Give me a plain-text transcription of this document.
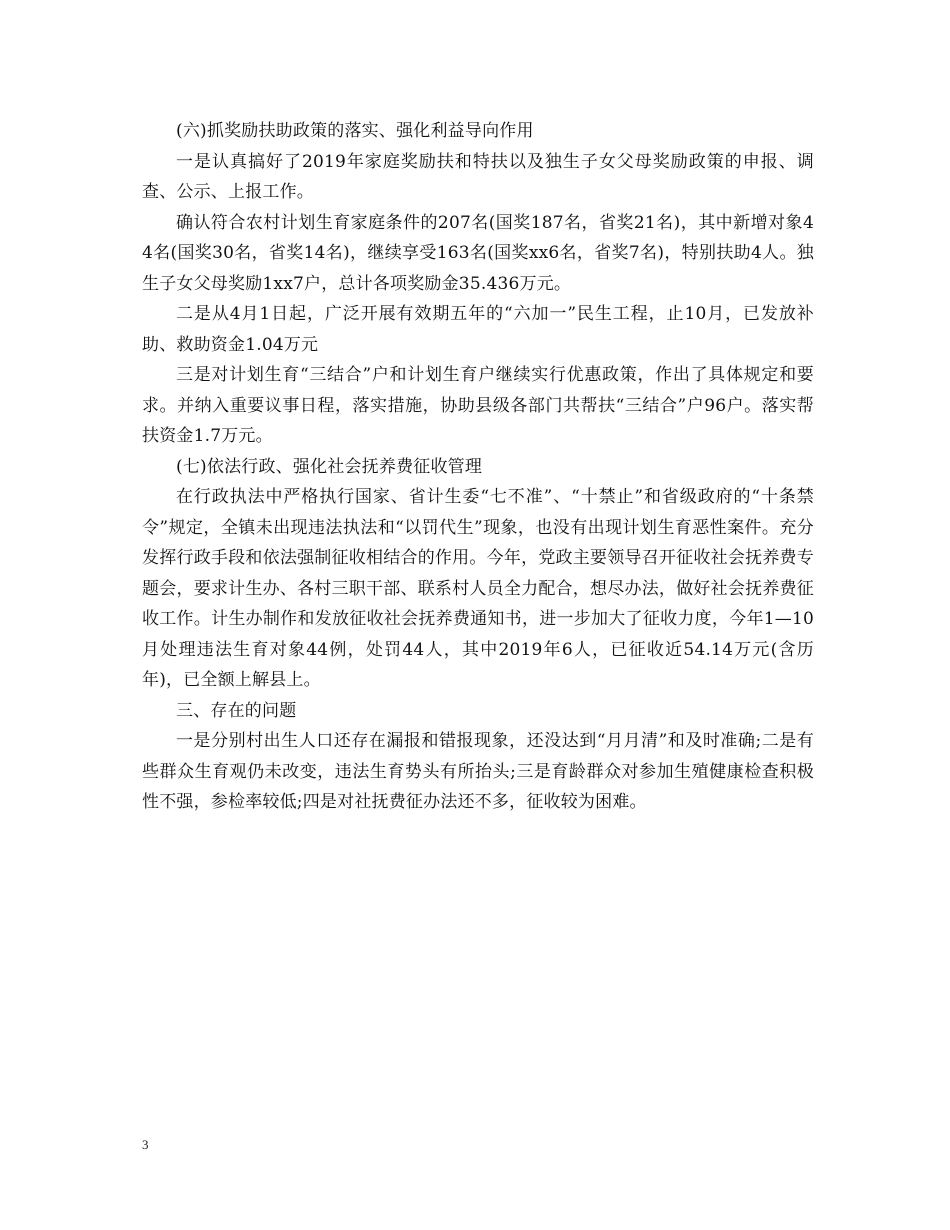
(六)抓奖励扶助政策的落实、强化利益导向作用

一是认真搞好了2019年家庭奖励扶和特扶以及独生子女父母奖励政策的申报、调查、公示、上报工作。

确认符合农村计划生育家庭条件的207名(国奖187名，省奖21名)，其中新增对象44名(国奖30名，省奖14名)，继续享受163名(国奖xx6名，省奖7名)，特别扶助4人。独生子女父母奖励1xx7户，总计各项奖励金35.436万元。

二是从4月1日起，广泛开展有效期五年的“六加一”民生工程，止10月，已发放补助、救助资金1.04万元

三是对计划生育“三结合”户和计划生育户继续实行优惠政策，作出了具体规定和要求。并纳入重要议事日程，落实措施，协助县级各部门共帮扶“三结合”户96户。落实帮扶资金1.7万元。

(七)依法行政、强化社会抚养费征收管理

在行政执法中严格执行国家、省计生委“七不准”、“十禁止”和省级政府的“十条禁令”规定，全镇未出现违法执法和“以罚代生”现象，也没有出现计划生育恶性案件。充分发挥行政手段和依法强制征收相结合的作用。今年，党政主要领导召开征收社会抚养费专题会，要求计生办、各村三职干部、联系村人员全力配合，想尽办法，做好社会抚养费征收工作。计生办制作和发放征收社会抚养费通知书，进一步加大了征收力度，今年1—10月处理违法生育对象44例，处罚44人，其中2019年6人，已征收近54.14万元(含历年)，已全额上解县上。

三、存在的问题

一是分别村出生人口还存在漏报和错报现象，还没达到“月月清”和及时准确;二是有些群众生育观仍未改变，违法生育势头有所抬头;三是育龄群众对参加生殖健康检查积极性不强，参检率较低;四是对社抚费征办法还不多，征收较为困难。

3
